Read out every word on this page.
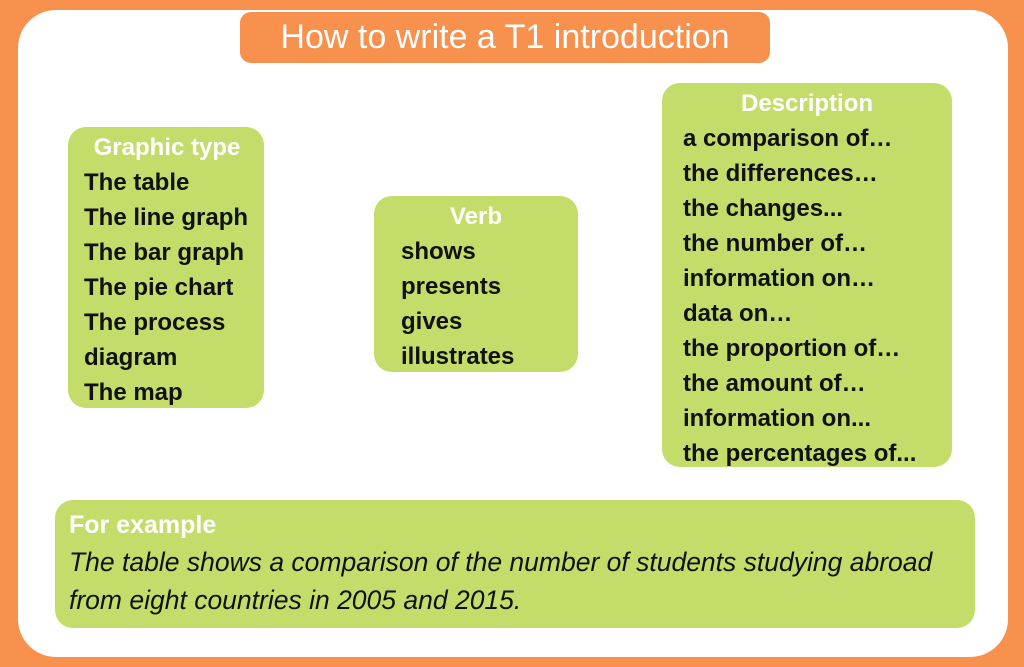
How to write a T1 introduction
Graphic type
The table
The line graph
The bar graph
The pie chart
The process diagram
The map
Verb
shows
presents
gives
illustrates
Description
a comparison of…
the differences…
the changes...
the number of…
information on…
data on…
the proportion of…
the amount of…
information on...
the percentages of...
For example
The table shows a comparison of the number of students studying abroad from eight countries in 2005 and 2015.
